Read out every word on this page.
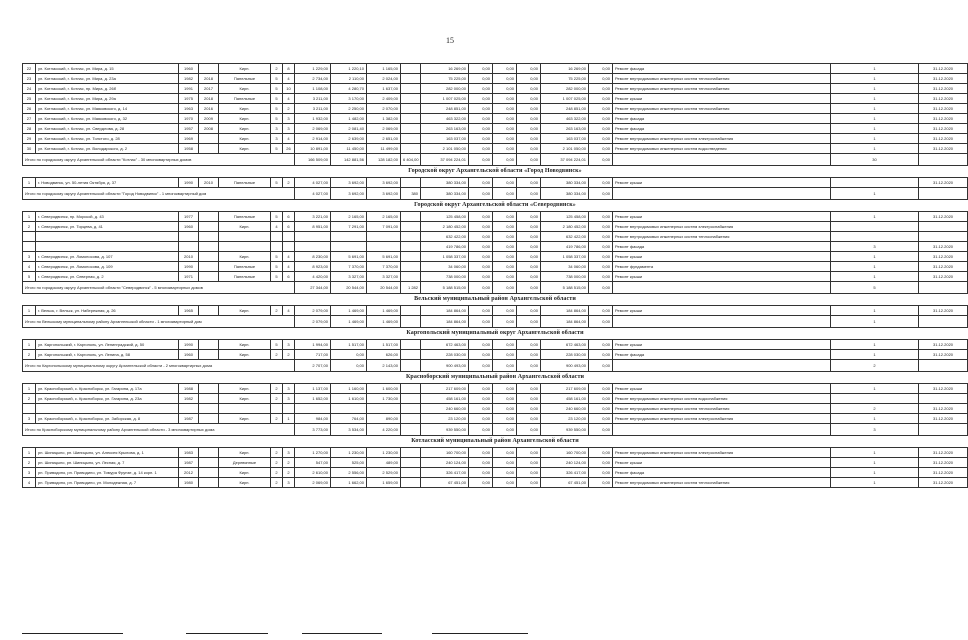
15
22	ул. Котласский, г. Котлас, ул. Мира, д. 15	1960		Кирп.	2	8	1 229,00	1 220,10	1 165,00		16 269,00	0,00	0,00	0,00	16 269,00	0,00	Ремонт фасада	1	31.12.2020
23	ул. Котласский, г. Котлас, ул. Мира, д. 23а	1982	2018	Панельные	5	4	2 734,00	2 110,00	2 024,00		75 225,00	0,00	0,00	0,00	75 225,00	0,00	Ремонт внутридомовых инженерных систем теплоснабжения	1	31.12.2020
24	ул. Котласский, г. Котлас, пр. Мира, д. 26б	1991	2017	Кирп.	5	10	1 108,00	4 280,70	1 637,00		282 000,00	0,00	0,00	0,00	282 000,00	0,00	Ремонт внутридомовых инженерных систем теплоснабжения	1	31.12.2020
25	ул. Котласский, г. Котлас, ул. Мира, д. 29а	1975	2018	Панельные	5	4	3 211,00	3 170,00	2 409,00		1 007 025,00	0,00	0,00	0,00	1 007 025,00	0,00	Ремонт крыши	1	31.12.2020
26	ул. Котласский, г. Котлас, ул. Маяковского, д. 14	1963	2016	Кирп.	5	2	3 211,00	2 250,00	2 070,00		248 851,00	0,00	0,00	0,00	248 851,00	0,00	Ремонт внутридомовых инженерных систем теплоснабжения	1	31.12.2020
27	ул. Котласский, г. Котлас, ул. Маяковского, д. 32	1970	2009	Кирп.	5	3	1 932,00	1 482,00	1 382,00		463 322,00	0,00	0,00	0,00	463 322,00	0,00	Ремонт фасада	1	31.12.2020
28	ул. Котласский, г. Котлас, ул. Свердлова, д. 28	1957	2008	Кирп.	3	3	2 069,00	2 081,40	2 069,00		263 163,00	0,00	0,00	0,00	263 163,00	0,00	Ремонт фасада	1	31.12.2020
29	ул. Котласский, г. Котлас, ул. Толстого, д. 28	1969		Кирп.	3	4	2 914,00	2 639,00	2 651,00		163 037,00	0,00	0,00	0,00	163 037,00	0,00	Ремонт внутридомовых инженерных систем электроснабжения	1	31.12.2020
30	ул. Котласский, г. Котлас, ул. Володарского, д. 2	1958		Кирп.	5	26	10 891,00	11 450,00	11 499,00		2 101 050,00	0,00	0,00	0,00	2 101 050,00	0,00	Ремонт внутридомовых инженерных систем водоотведения	1	31.12.2020
Итого по городскому округу Архангельской области "Котлас" - 30 многоквартирных домов							166 509,00	142 881,56	128 182,00	6 404,00	37 094 224,01	0,00	0,00	0,00	37 094 224,01	0,00		30	
Городской округ Архангельской области «Город Новодвинск»																			
1	г. Новодвинск, ул. 50-летия Октября, д. 37	1990	2010	Панельные	5	2	4 027,00	3 692,00	3 692,00		380 334,00	0,00	0,00	0,00	380 334,00	0,00	Ремонт крыши		31.12.2020
Итого по городскому округу Архангельской области "Город Новодвинск" - 1 многоквартирный дом							4 027,00	3 692,00	3 692,00	380	380 334,00	0,00	0,00	0,00	380 334,00	0,00		1	
Городской округ Архангельской области «Северодвинск»																			
1	г. Северодвинск, пр. Морской, д. 43	1977		Панельные	5	6	3 221,00	2 165,00	2 165,00		125 458,00	0,00	0,00	0,00	125 458,00	0,00	Ремонт крыши	1	31.12.2020
2	г. Северодвинск, ул. Торцева, д. 41	1960		Кирп.	4	6	8 951,00	7 291,00	7 091,00		2 180 452,00	0,00	0,00	0,00	2 180 452,00	0,00	Ремонт внутридомовых инженерных систем электроснабжения		
											632 422,00	0,00	0,00	0,00	632 422,00	0,00	Ремонт внутридомовых инженерных систем теплоснабжения		
											419 786,00	0,00	0,00	0,00	419 786,00	0,00	Ремонт фасада	3	31.12.2020
3	г. Северодвинск, ул. Ломоносова, д. 107	2010		Кирп.	5	4	8 230,00	5 691,00	5 691,00		1 058 337,00	0,00	0,00	0,00	1 058 337,00	0,00	Ремонт крыши	1	31.12.2020
4	г. Северодвинск, ул. Ломоносова, д. 109	1990		Панельные	5	4	8 923,00	7 370,00	7 370,00		34 060,00	0,00	0,00	0,00	34 060,00	0,00	Ремонт фундамента	1	31.12.2020
5	г. Северодвинск, ул. Северная, д. 2	1971		Панельные	5	6	4 420,00	3 327,00	3 327,00		738 000,00	0,00	0,00	0,00	738 000,00	0,00	Ремонт крыши	1	31.12.2020
Итого по городскому округу Архангельской области "Северодвинск" - 5 многоквартирных домов							27 344,00	20 544,00	20 544,00	1 282	5 188 515,00	0,00	0,00	0,00	5 188 515,00	0,00		5	
Вельский муниципальный район Архангельской области																			
1	г. Вельск, г. Вельск, ул. Набережная, д. 26	1965		Кирп.	2	4	2 079,00	1 469,00	1 469,00		184 864,00	0,00	0,00	0,00	184 864,00	0,00	Ремонт крыши	1	31.12.2020
Итого по Вельскому муниципальному району Архангельской области - 1 многоквартирный дом							2 079,00	1 469,00	1 469,00		184 864,00	0,00	0,00	0,00	184 864,00	0,00		1	
Каргопольский муниципальный округ Архангельской области																			
1	ул. Каргопольский, г. Каргополь, ул. Ленинградский, д. 50	1990		Кирп.	5	3	1 994,00	1 517,00	1 517,00		672 463,00	0,00	0,00	0,00	672 463,00	0,00	Ремонт крыши	1	31.12.2020
2	ул. Каргопольский, г. Каргополь, ул. Ленина, д. 58	1960		Кирп.	2	2	717,00	0,00	626,00		228 030,00	0,00	0,00	0,00	228 030,00	0,00	Ремонт фасада	1	31.12.2020
Итого по Каргопольскому муниципальному округу Архангельской области - 2 многоквартирных дома							2 707,00	0,00	2 143,00		900 493,00	0,00	0,00	0,00	900 493,00	0,00		2	
Красноборский муниципальный район Архангельской области																			
1	ул. Красноборский, с. Красноборск, ул. Гагарина, д. 17а	1988		Кирп.	2	3	1 137,00	1 160,00	1 600,00		217 609,00	0,00	0,00	0,00	217 609,00	0,00	Ремонт крыши	1	31.12.2020
2	ул. Красноборский, с. Красноборск, ул. Гагарина, д. 23а	1982		Кирп.	2	3	1 652,00	1 610,00	1 730,00		458 161,00	0,00	0,00	0,00	458 161,00	0,00	Ремонт внутридомовых инженерных систем водоснабжения		
											240 660,00	0,00	0,00	0,00	240 660,00	0,00	Ремонт внутридомовых инженерных систем теплоснабжения	2	31.12.2020
3	ул. Красноборский, с. Красноборск, ул. Заборская, д. 8	1987		Кирп.	2	1	984,00	764,00	890,00		23 120,00	0,00	0,00	0,00	23 120,00	0,00	Ремонт внутридомовых инженерных систем электроснабжения	1	31.12.2020
Итого по Красноборскому муниципальному району Архангельской области - 3 многоквартирных дома							3 773,00	3 534,00	4 220,00		939 550,00	0,00	0,00	0,00	939 550,00	0,00		3	
Котласский муниципальный район Архангельской области																			
1	рп. Шипицыно, рп. Шипицыно, ул. Алексея Крылова, д. 1	1983		Кирп.	2	3	1 270,00	1 230,00	1 230,00		160 700,00	0,00	0,00	0,00	160 700,00	0,00	Ремонт внутридомовых инженерных систем электроснабжения	1	31.12.2020
2	рп. Шипицыно, рп. Шипицыно, ул. Лесная, д. 7	1987		Деревянные	2	2	547,00	525,00	489,00		240 124,00	0,00	0,00	0,00	240 124,00	0,00	Ремонт крыши	1	31.12.2020
3	рп. Приводино, рп. Приводино, ул. Тимура Фрунзе, д. 14 корп. 1	2012		Кирп.	2	2	2 610,00	2 556,00	2 529,00		326 417,00	0,00	0,00	0,00	326 417,00	0,00	Ремонт фасада	1	31.12.2020
4	рп. Приводино, рп. Приводино, ул. Молодежная, д. 7	1980		Кирп.	2	3	2 069,00	1 662,00	1 659,00		67 451,00	0,00	0,00	0,00	67 451,00	0,00	Ремонт внутридомовых инженерных систем теплоснабжения	1	31.12.2020
